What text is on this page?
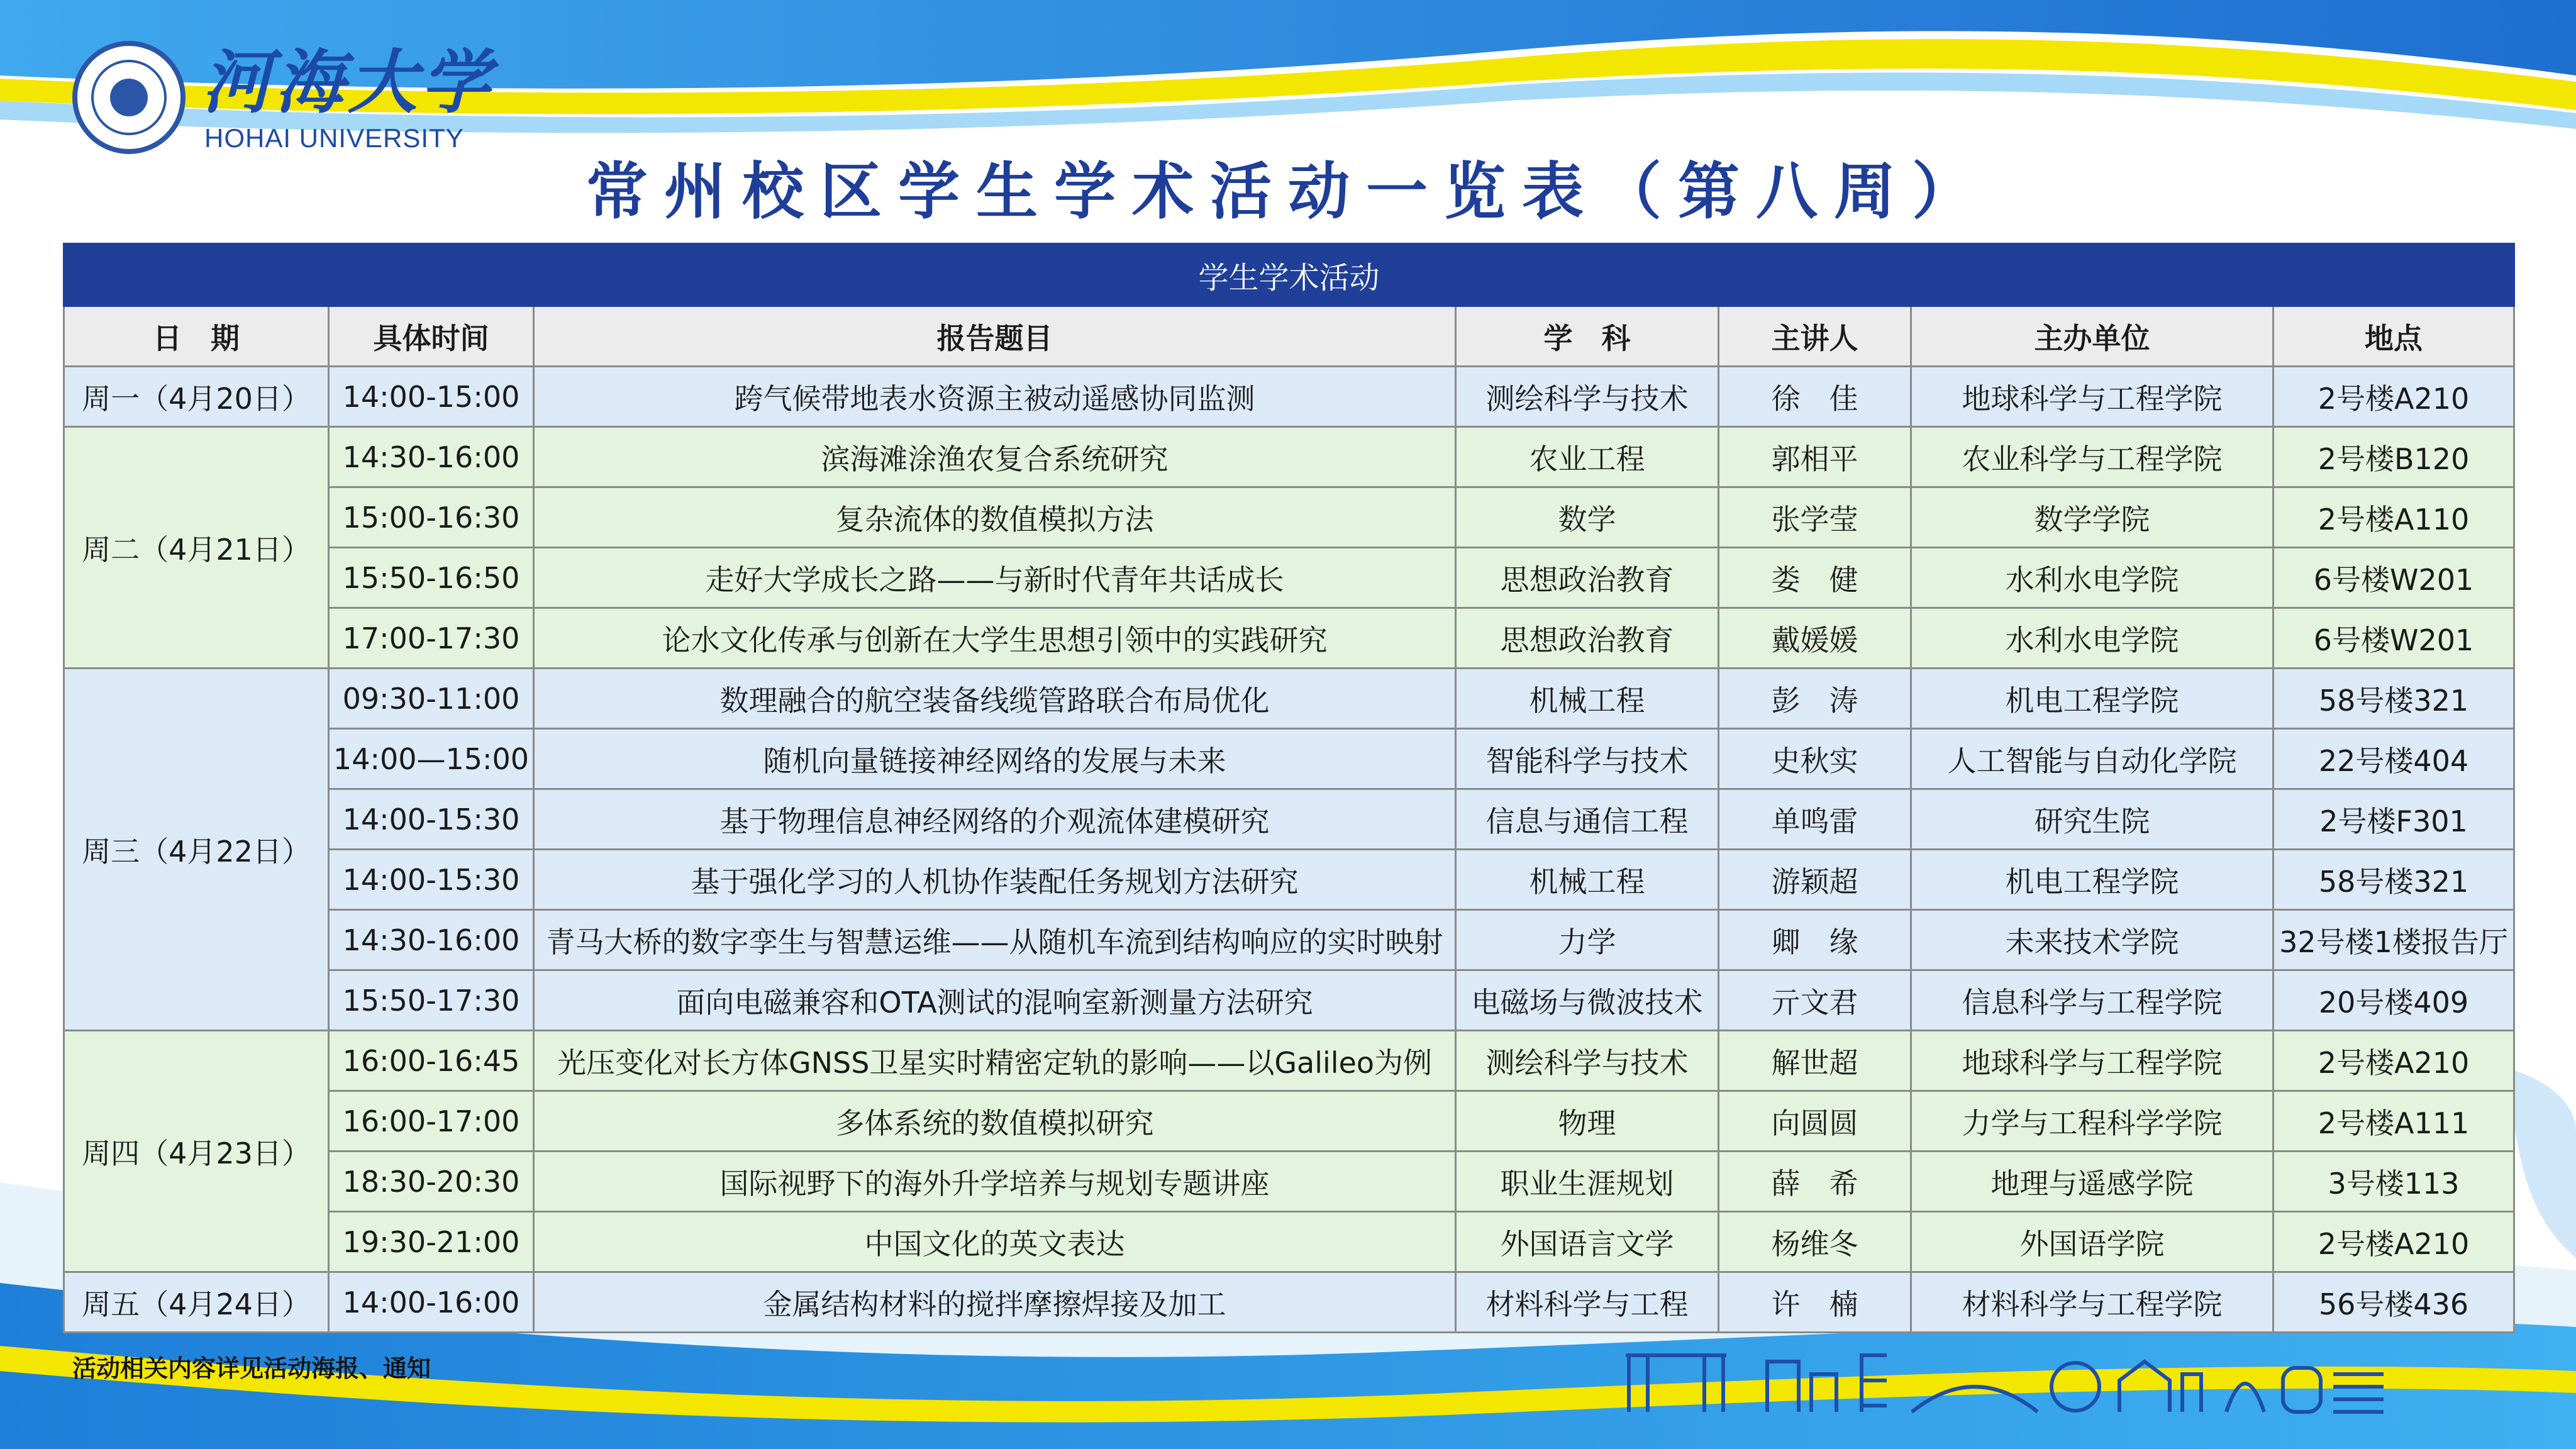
河海大学
HOHAI UNIVERSITY
常州校区学生学术活动一览表（第八周）
学生学术活动						
日　期	具体时间	报告题目	学　科	主讲人	主办单位	地点
周一（4月20日）	14:00-15:00	跨气候带地表水资源主被动遥感协同监测	测绘科学与技术	徐　佳	地球科学与工程学院	2号楼A210
周二（4月21日）	14:30-16:00	滨海滩涂渔农复合系统研究	农业工程	郭相平	农业科学与工程学院	2号楼B120
	15:00-16:30	复杂流体的数值模拟方法	数学	张学莹	数学学院	2号楼A110
	15:50-16:50	走好大学成长之路——与新时代青年共话成长	思想政治教育	娄　健	水利水电学院	6号楼W201
	17:00-17:30	论水文化传承与创新在大学生思想引领中的实践研究	思想政治教育	戴媛媛	水利水电学院	6号楼W201
周三（4月22日）	09:30-11:00	数理融合的航空装备线缆管路联合布局优化	机械工程	彭　涛	机电工程学院	58号楼321
	14:00—15:00	随机向量链接神经网络的发展与未来	智能科学与技术	史秋实	人工智能与自动化学院	22号楼404
	14:00-15:30	基于物理信息神经网络的介观流体建模研究	信息与通信工程	单鸣雷	研究生院	2号楼F301
	14:00-15:30	基于强化学习的人机协作装配任务规划方法研究	机械工程	游颖超	机电工程学院	58号楼321
	14:30-16:00	青马大桥的数字孪生与智慧运维——从随机车流到结构响应的实时映射	力学	卿　缘	未来技术学院	32号楼1楼报告厅
	15:50-17:30	面向电磁兼容和OTA测试的混响室新测量方法研究	电磁场与微波技术	亓文君	信息科学与工程学院	20号楼409
周四（4月23日）	16:00-16:45	光压变化对长方体GNSS卫星实时精密定轨的影响——以Galileo为例	测绘科学与技术	解世超	地球科学与工程学院	2号楼A210
	16:00-17:00	多体系统的数值模拟研究	物理	向圆圆	力学与工程科学学院	2号楼A111
	18:30-20:30	国际视野下的海外升学培养与规划专题讲座	职业生涯规划	薛　希	地理与遥感学院	3号楼113
	19:30-21:00	中国文化的英文表达	外国语言文学	杨维冬	外国语学院	2号楼A210
周五（4月24日）	14:00-16:00	金属结构材料的搅拌摩擦焊接及加工	材料科学与工程	许　楠	材料科学与工程学院	56号楼436
活动相关内容详见活动海报、通知
